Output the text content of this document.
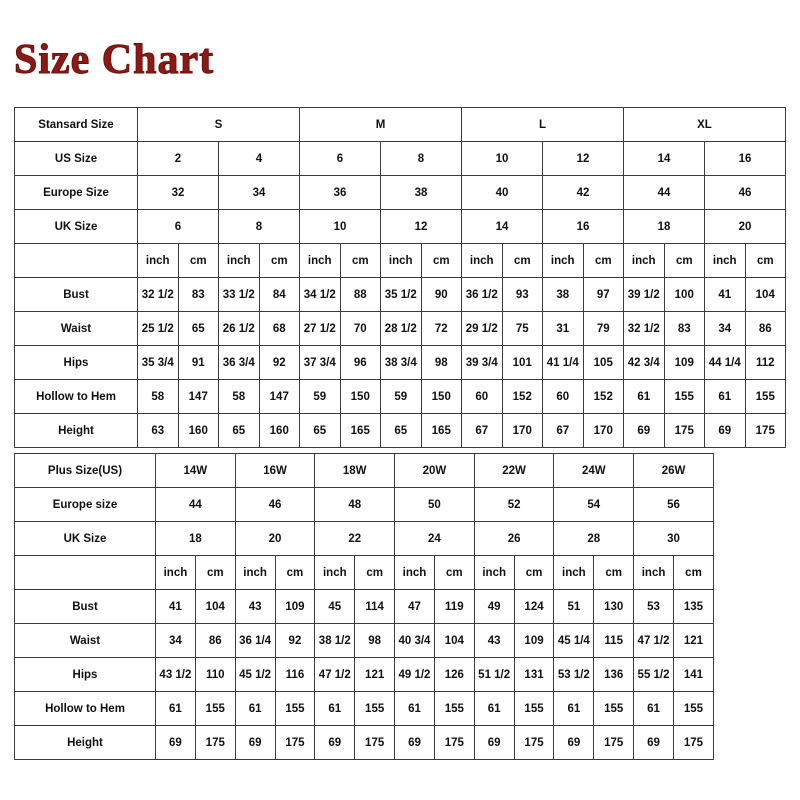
Size Chart
Stansard Size	S				M				L				XL			
US Size	2		4		6		8		10		12		14		16	
Europe Size	32		34		36		38		40		42		44		46	
UK Size	6		8		10		12		14		16		18		20	
	inch	cm	inch	cm	inch	cm	inch	cm	inch	cm	inch	cm	inch	cm	inch	cm
Bust	32 1/2	83	33 1/2	84	34 1/2	88	35 1/2	90	36 1/2	93	38	97	39 1/2	100	41	104
Waist	25 1/2	65	26 1/2	68	27 1/2	70	28 1/2	72	29 1/2	75	31	79	32 1/2	83	34	86
Hips	35 3/4	91	36 3/4	92	37 3/4	96	38 3/4	98	39 3/4	101	41 1/4	105	42 3/4	109	44 1/4	112
Hollow to Hem	58	147	58	147	59	150	59	150	60	152	60	152	61	155	61	155
Height	63	160	65	160	65	165	65	165	67	170	67	170	69	175	69	175
Plus Size(US)	14W		16W		18W		20W		22W		24W		26W	
Europe size	44		46		48		50		52		54		56	
UK Size	18		20		22		24		26		28		30	
	inch	cm	inch	cm	inch	cm	inch	cm	inch	cm	inch	cm	inch	cm
Bust	41	104	43	109	45	114	47	119	49	124	51	130	53	135
Waist	34	86	36 1/4	92	38 1/2	98	40 3/4	104	43	109	45 1/4	115	47 1/2	121
Hips	43 1/2	110	45 1/2	116	47 1/2	121	49 1/2	126	51 1/2	131	53 1/2	136	55 1/2	141
Hollow to Hem	61	155	61	155	61	155	61	155	61	155	61	155	61	155
Height	69	175	69	175	69	175	69	175	69	175	69	175	69	175
